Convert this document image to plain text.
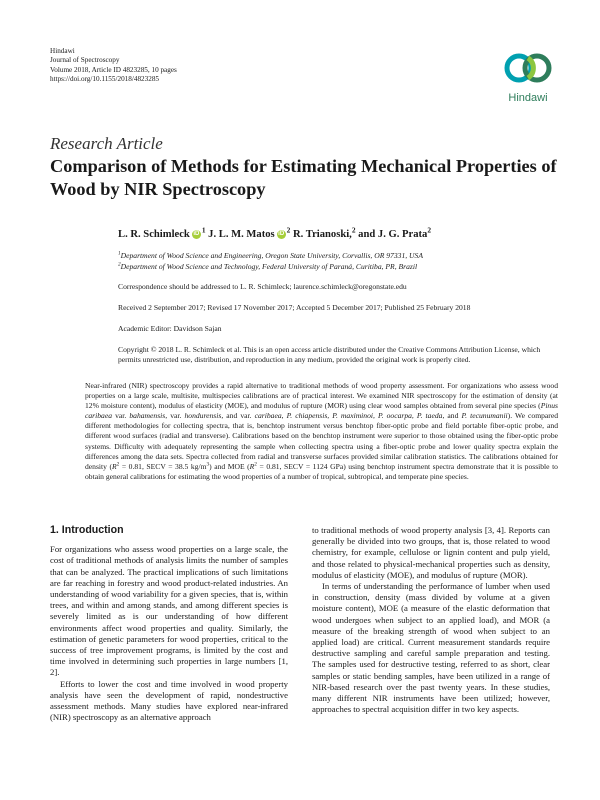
Hindawi
Journal of Spectroscopy
Volume 2018, Article ID 4823285, 10 pages
https://doi.org/10.1155/2018/4823285
Hindawi
Research Article
Comparison of Methods for Estimating Mechanical Properties of Wood by NIR Spectroscopy
L. R. Schimleck iD $^1$ J. L. M. Matos iD $^2$ R. Trianoski,$^2$ and J. G. Prata$^2$
$^1$Department of Wood Science and Engineering, Oregon State University, Corvallis, OR 97331, USA
$^2$Department of Wood Science and Technology, Federal University of Paraná, Curitiba, PR, Brazil
Correspondence should be addressed to L. R. Schimleck; laurence.schimleck@oregonstate.edu
Received 2 September 2017; Revised 17 November 2017; Accepted 5 December 2017; Published 25 February 2018
Academic Editor: Davidson Sajan
Copyright © 2018 L. R. Schimleck et al. This is an open access article distributed under the Creative Commons Attribution License, which permits unrestricted use, distribution, and reproduction in any medium, provided the original work is properly cited.
Near-infrared (NIR) spectroscopy provides a rapid alternative to traditional methods of wood property assessment. For organizations who assess wood properties on a large scale, multisite, multispecies calibrations are of practical interest. We examined NIR spectroscopy for the estimation of density (at 12% moisture content), modulus of elasticity (MOE), and modulus of rupture (MOR) using clear wood samples obtained from several pine species (Pinus caribaea var. bahamensis, var. hondurensis, and var. caribaea, P. chiapensis, P. maximinoi, P. oocarpa, P. taeda, and P. tecunumanii). We compared different methodologies for collecting spectra, that is, benchtop instrument versus benchtop fiber-optic probe and field portable fiber-optic probe, and different wood surfaces (radial and transverse). Calibrations based on the benchtop instrument were superior to those obtained using the fiber-optic probe systems. Difficulty with adequately representing the sample when collecting spectra using a fiber-optic probe and lower quality spectra explain the differences among the data sets. Spectra collected from radial and transverse surfaces provided similar calibration statistics. The calibrations obtained for density ($R^2 = 0.81$, SECV = 38.5 $kg/m^3$) and MOE ($R^2 = 0.81$, SECV = 1124 GPa) using benchtop instrument spectra demonstrate that it is possible to obtain general calibrations for estimating the wood properties of a number of tropical, subtropical, and temperate pine species.

1. Introduction

For organizations who assess wood properties on a large scale, the cost of traditional methods of analysis limits the number of samples that can be analyzed. The practical implications of such limitations are far reaching in forestry and wood product-related industries. An understanding of wood variability for a given species, that is, within trees, and within and among stands, and among different species is severely limited as is our understanding of how different environments affect wood properties and quality. Similarly, the estimation of genetic parameters for wood properties, critical to the success of tree improvement programs, is limited by the cost and time involved in determining such properties in large numbers [1, 2].

Efforts to lower the cost and time involved in wood property analysis have seen the development of rapid, nondestructive assessment methods. Many studies have explored near-infrared (NIR) spectroscopy as an alternative approach

to traditional methods of wood property analysis [3, 4]. Reports can generally be divided into two groups, that is, those related to wood chemistry, for example, cellulose or lignin content and pulp yield, and those related to physical-mechanical properties such as density, modulus of elasticity (MOE), and modulus of rupture (MOR).

In terms of understanding the performance of lumber when used in construction, density (mass divided by volume at a given moisture content), MOE (a measure of the elastic deformation that wood undergoes when subject to an applied load), and MOR (a measure of the breaking strength of wood when subject to an applied load) are critical. Current measurement standards require destructive sampling and careful sample preparation and testing. The samples used for destructive testing, referred to as short, clear samples or static bending samples, have been utilized in a range of NIR-based research over the past twenty years. In these studies, many different NIR instruments have been utilized; however, approaches to spectral acquisition differ in two key aspects.
